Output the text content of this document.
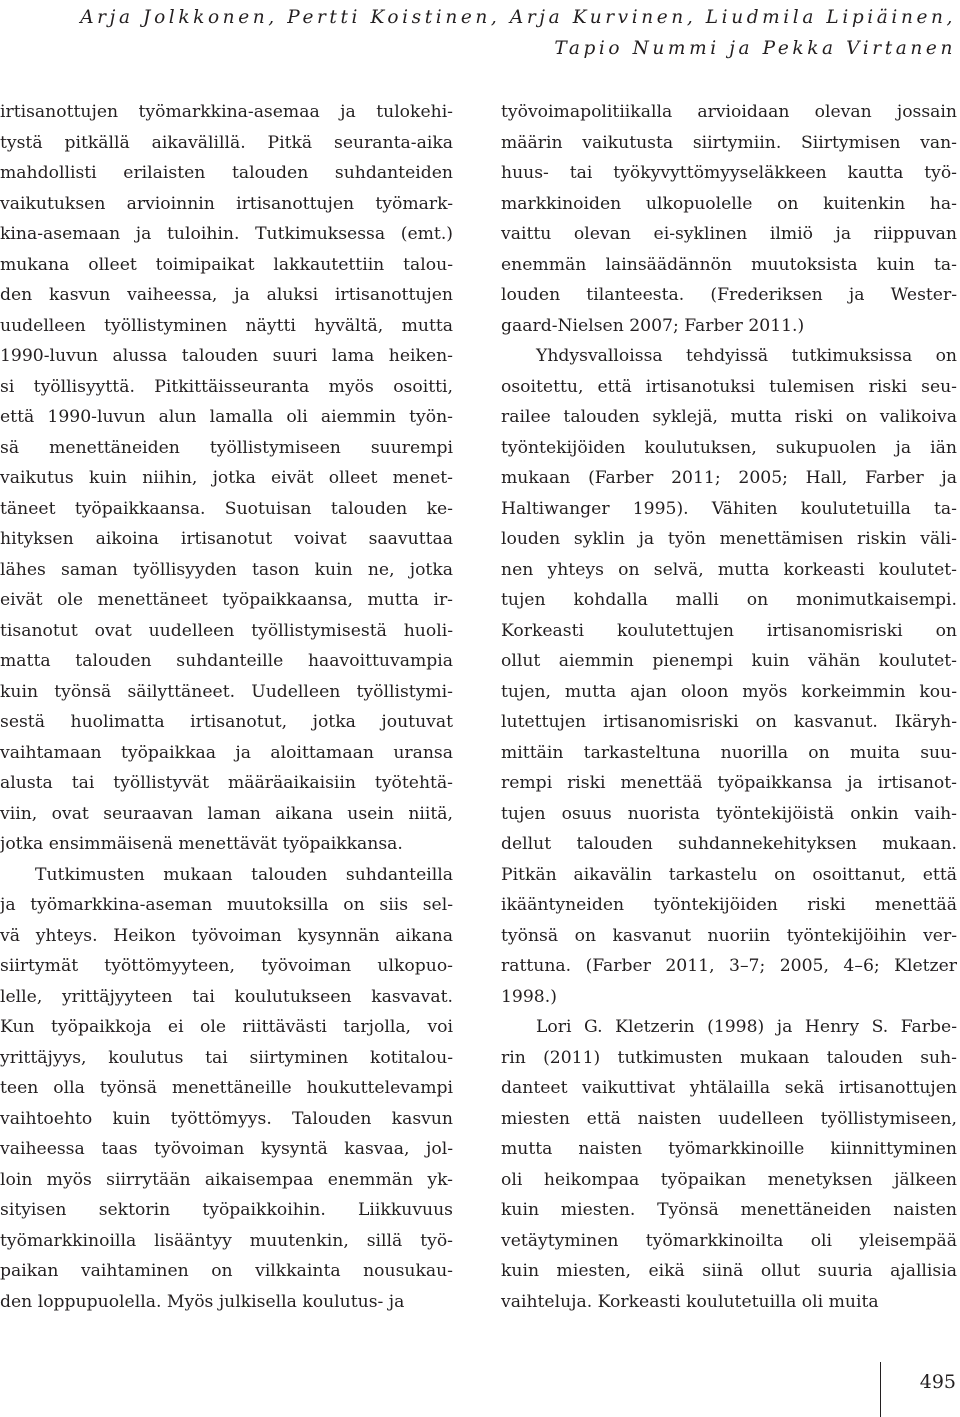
Arja Jolkkonen, Pertti Koistinen, Arja Kurvinen, Liudmila Lipiäinen,
Tapio Nummi ja Pekka Virtanen
irtisanottujen työmarkkina-asemaa ja tulokehi-
tystä pitkällä aikavälillä. Pitkä seuranta-aika
mahdollisti erilaisten talouden suhdanteiden
vaikutuksen arvioinnin irtisanottujen työmark-
kina-asemaan ja tuloihin. Tutkimuksessa (emt.)
mukana olleet toimipaikat lakkautettiin talou-
den kasvun vaiheessa, ja aluksi irtisanottujen
uudelleen työllistyminen näytti hyvältä, mutta
1990-luvun alussa talouden suuri lama heiken-
si työllisyyttä. Pitkittäisseuranta myös osoitti,
että 1990-luvun alun lamalla oli aiemmin työn-
sä menettäneiden työllistymiseen suurempi
vaikutus kuin niihin, jotka eivät olleet menet-
täneet työpaikkaansa. Suotuisan talouden ke-
hityksen aikoina irtisanotut voivat saavuttaa
lähes saman työllisyyden tason kuin ne, jotka
eivät ole menettäneet työpaikkaansa, mutta ir-
tisanotut ovat uudelleen työllistymisestä huoli-
matta talouden suhdanteille haavoittuvampia
kuin työnsä säilyttäneet. Uudelleen työllistymi-
sestä huolimatta irtisanotut, jotka joutuvat
vaihtamaan työpaikkaa ja aloittamaan uransa
alusta tai työllistyvät määräaikaisiin työtehtä-
viin, ovat seuraavan laman aikana usein niitä,
jotka ensimmäisenä menettävät työpaikkansa.
Tutkimusten mukaan talouden suhdanteilla
ja työmarkkina-aseman muutoksilla on siis sel-
vä yhteys. Heikon työvoiman kysynnän aikana
siirtymät työttömyyteen, työvoiman ulkopuo-
lelle, yrittäjyyteen tai koulutukseen kasvavat.
Kun työpaikkoja ei ole riittävästi tarjolla, voi
yrittäjyys, koulutus tai siirtyminen kotitalou-
teen olla työnsä menettäneille houkuttelevampi
vaihtoehto kuin työttömyys. Talouden kasvun
vaiheessa taas työvoiman kysyntä kasvaa, jol-
loin myös siirrytään aikaisempaa enemmän yk-
sityisen sektorin työpaikkoihin. Liikkuvuus
työmarkkinoilla lisääntyy muutenkin, sillä työ-
paikan vaihtaminen on vilkkainta nousukau-
den loppupuolella. Myös julkisella koulutus- ja
työvoimapolitiikalla arvioidaan olevan jossain
määrin vaikutusta siirtymiin. Siirtymisen van-
huus- tai työkyvyttömyyseläkkeen kautta työ-
markkinoiden ulkopuolelle on kuitenkin ha-
vaittu olevan ei-syklinen ilmiö ja riippuvan
enemmän lainsäädännön muutoksista kuin ta-
louden tilanteesta. (Frederiksen ja Wester-
gaard-Nielsen 2007; Farber 2011.)
Yhdysvalloissa tehdyissä tutkimuksissa on
osoitettu, että irtisanotuksi tulemisen riski seu-
railee talouden syklejä, mutta riski on valikoiva
työntekijöiden koulutuksen, sukupuolen ja iän
mukaan (Farber 2011; 2005; Hall, Farber ja
Haltiwanger 1995). Vähiten koulutetuilla ta-
louden syklin ja työn menettämisen riskin väli-
nen yhteys on selvä, mutta korkeasti koulutet-
tujen kohdalla malli on monimutkaisempi.
Korkeasti koulutettujen irtisanomisriski on
ollut aiemmin pienempi kuin vähän koulutet-
tujen, mutta ajan oloon myös korkeimmin kou-
lutettujen irtisanomisriski on kasvanut. Ikäryh-
mittäin tarkasteltuna nuorilla on muita suu-
rempi riski menettää työpaikkansa ja irtisanot-
tujen osuus nuorista työntekijöistä onkin vaih-
dellut talouden suhdannekehityksen mukaan.
Pitkän aikavälin tarkastelu on osoittanut, että
ikääntyneiden työntekijöiden riski menettää
työnsä on kasvanut nuoriin työntekijöihin ver-
rattuna. (Farber 2011, 3–7; 2005, 4–6; Kletzer
1998.)
Lori G. Kletzerin (1998) ja Henry S. Farbe-
rin (2011) tutkimusten mukaan talouden suh-
danteet vaikuttivat yhtälailla sekä irtisanottujen
miesten että naisten uudelleen työllistymiseen,
mutta naisten työmarkkinoille kiinnittyminen
oli heikompaa työpaikan menetyksen jälkeen
kuin miesten. Työnsä menettäneiden naisten
vetäytyminen työmarkkinoilta oli yleisempää
kuin miesten, eikä siinä ollut suuria ajallisia
vaihteluja. Korkeasti koulutetuilla oli muita
495
